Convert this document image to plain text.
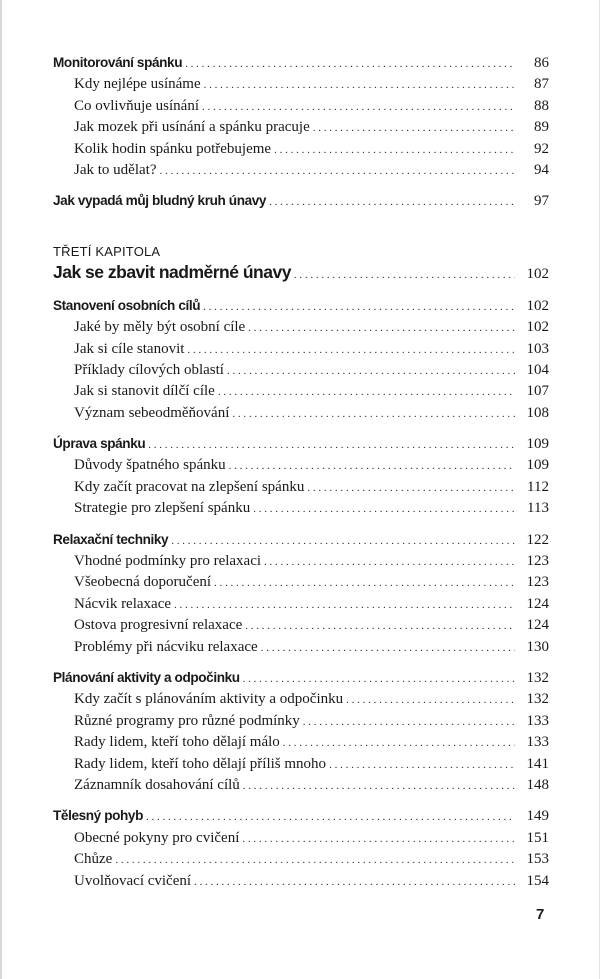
Monitorování spánku . . .	86
Kdy nejlépe usínáme . . .	87
Co ovlivňuje usínání . . .	88
Jak mozek při usínání a spánku pracuje . . .	89
Kolik hodin spánku potřebujeme . . .	92
Jak to udělat? . . .	94
Jak vypadá můj bludný kruh únavy . . .	97
TŘETÍ KAPITOLA
Jak se zbavit nadměrné únavy . . .	102
Stanovení osobních cílů . . .	102
Jaké by měly být osobní cíle . . .	102
Jak si cíle stanovit . . .	103
Příklady cílových oblastí . . .	104
Jak si stanovit dílčí cíle . . .	107
Význam sebeodměňování . . .	108
Úprava spánku . . .	109
Důvody špatného spánku . . .	109
Kdy začít pracovat na zlepšení spánku . . .	112
Strategie pro zlepšení spánku . . .	113
Relaxační techniky . . .	122
Vhodné podmínky pro relaxaci . . .	123
Všeobecná doporučení . . .	123
Nácvik relaxace . . .	124
Ostova progresivní relaxace . . .	124
Problémy při nácviku relaxace . . .	130
Plánování aktivity a odpočinku . . .	132
Kdy začít s plánováním aktivity a odpočinku . . .	132
Různé programy pro různé podmínky . . .	133
Rady lidem, kteří toho dělají málo . . .	133
Rady lidem, kteří toho dělají příliš mnoho . . .	141
Záznamník dosahování cílů . . .	148
Tělesný pohyb . . .	149
Obecné pokyny pro cvičení . . .	151
Chůze . . .	153
Uvolňovací cvičení . . .	154
7
